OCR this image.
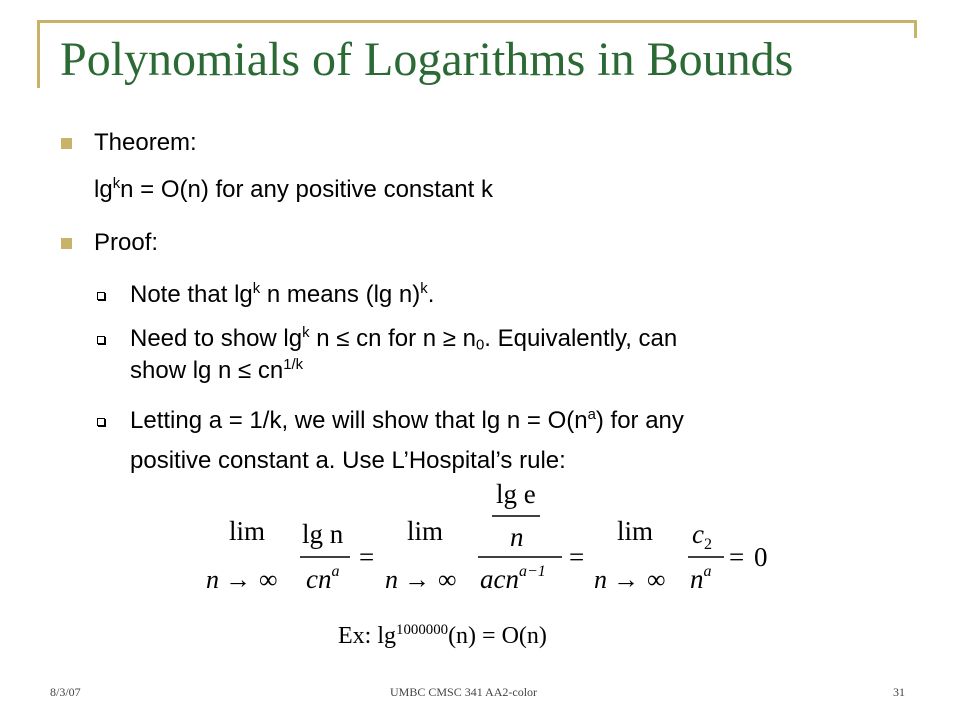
Polynomials of Logarithms in Bounds
Theorem:
$\lg^kn = O(n)$ for any positive constant k
Proof:
Note that $\lg^k n$ means (lg n)$^k$.
Need to show $\lg^k n$ ≤ cn for $n \ge n_0$. Equivalently, can
show $\lg n \le cn^{1/k}$
Letting a = 1/k, we will show that $\lg n = O(n^a)$ for any
positive constant a. Use L’Hospital’s rule:
lim
n → ∞
lg n
$cn^a$ =
lim
n → ∞
lg e
n
acn$^{a-1}$ =
lim
n → ∞
$c_2$
$n^a = 0$
Ex: $\lg^{1000000}(n) = O(n)$
8/3/07	UMBC CMSC 341 AA2-color	31
